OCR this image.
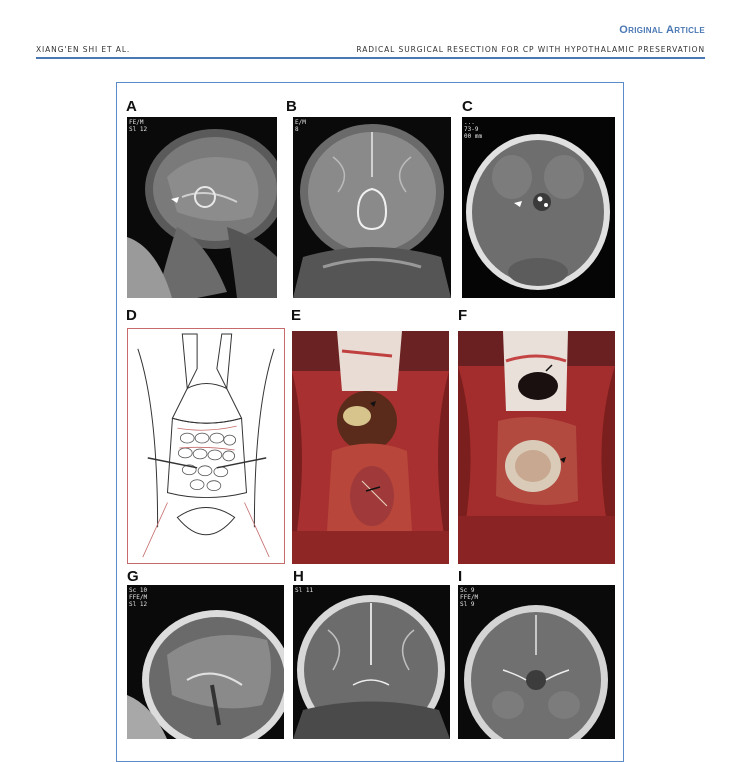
Original Article
XIANG'EN SHI ET AL.	RADICAL SURGICAL RESECTION FOR CP WITH HYPOTHALAMIC PRESERVATION
A	B	C
FE/M
Sl 12
E/M
8
...
73-9
00 mm
D	E	F
G	H	I
Sc 10
FFE/M
Sl 12
Sl 11	Sc 9
FFE/M
Sl 9
